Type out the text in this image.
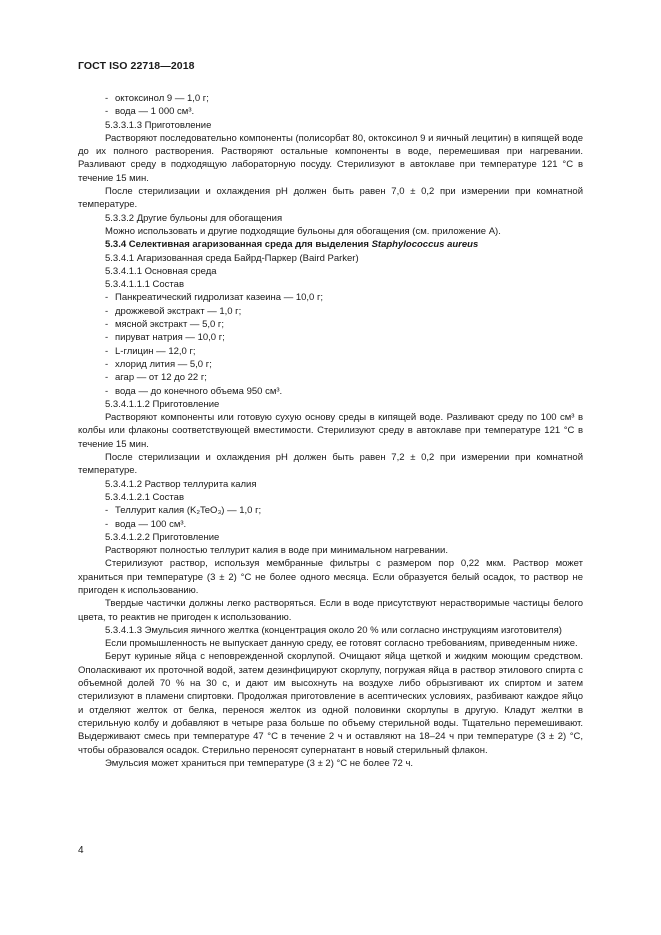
ГОСТ ISO 22718—2018

- октоксинол 9 — 1,0 г;

- вода — 1 000 см³.

5.3.3.1.3 Приготовление

Растворяют последовательно компоненты (полисорбат 80, октоксинол 9 и яичный лецитин) в кипящей воде до их полного растворения. Растворяют остальные компоненты в воде, перемешивая при нагревании. Разливают среду в подходящую лабораторную посуду. Стерилизуют в автоклаве при температуре 121 °С в течение 15 мин.

После стерилизации и охлаждения рН должен быть равен 7,0 ± 0,2 при измерении при комнатной температуре.

5.3.3.2 Другие бульоны для обогащения

Можно использовать и другие подходящие бульоны для обогащения (см. приложение А).

5.3.4 Селективная агаризованная среда для выделения Staphylococcus aureus

5.3.4.1 Агаризованная среда Байрд-Паркер (Baird Parker)

5.3.4.1.1 Основная среда

5.3.4.1.1.1 Состав

- Панкреатический гидролизат казеина — 10,0 г;

- дрожжевой экстракт — 1,0 г;

- мясной экстракт — 5,0 г;

- пируват натрия — 10,0 г;

- L-глицин — 12,0 г;

- хлорид лития — 5,0 г;

- агар — от 12 до 22 г;

- вода — до конечного объема 950 см³.

5.3.4.1.1.2 Приготовление

Растворяют компоненты или готовую сухую основу среды в кипящей воде. Разливают среду по 100 см³ в колбы или флаконы соответствующей вместимости. Стерилизуют среду в автоклаве при температуре 121 °С в течение 15 мин.

После стерилизации и охлаждения рН должен быть равен 7,2 ± 0,2 при измерении при комнатной температуре.

5.3.4.1.2 Раствор теллурита калия

5.3.4.1.2.1 Состав

- Теллурит калия (K₂TeO₃) — 1,0 г;

- вода — 100 см³.

5.3.4.1.2.2 Приготовление

Растворяют полностью теллурит калия в воде при минимальном нагревании.

Стерилизуют раствор, используя мембранные фильтры с размером пор 0,22 мкм. Раствор может храниться при температуре (3 ± 2) °С не более одного месяца. Если образуется белый осадок, то раствор не пригоден к использованию.

Твердые частички должны легко растворяться. Если в воде присутствуют нерастворимые частицы белого цвета, то реактив не пригоден к использованию.

5.3.4.1.3 Эмульсия яичного желтка (концентрация около 20 % или согласно инструкциям изготовителя)

Если промышленность не выпускает данную среду, ее готовят согласно требованиям, приведенным ниже.

Берут куриные яйца с неповрежденной скорлупой. Очищают яйца щеткой и жидким моющим средством. Ополаскивают их проточной водой, затем дезинфицируют скорлупу, погружая яйца в раствор этилового спирта с объемной долей 70 % на 30 с, и дают им высохнуть на воздухе либо обрызгивают их спиртом и затем стерилизуют в пламени спиртовки. Продолжая приготовление в асептических условиях, разбивают каждое яйцо и отделяют желток от белка, перенося желток из одной половинки скорлупы в другую. Кладут желтки в стерильную колбу и добавляют в четыре раза больше по объему стерильной воды. Тщательно перемешивают. Выдерживают смесь при температуре 47 °С в течение 2 ч и оставляют на 18–24 ч при температуре (3 ± 2) °С, чтобы образовался осадок. Стерильно переносят супернатант в новый стерильный флакон.

Эмульсия может храниться при температуре (3 ± 2) °С не более 72 ч.

4
